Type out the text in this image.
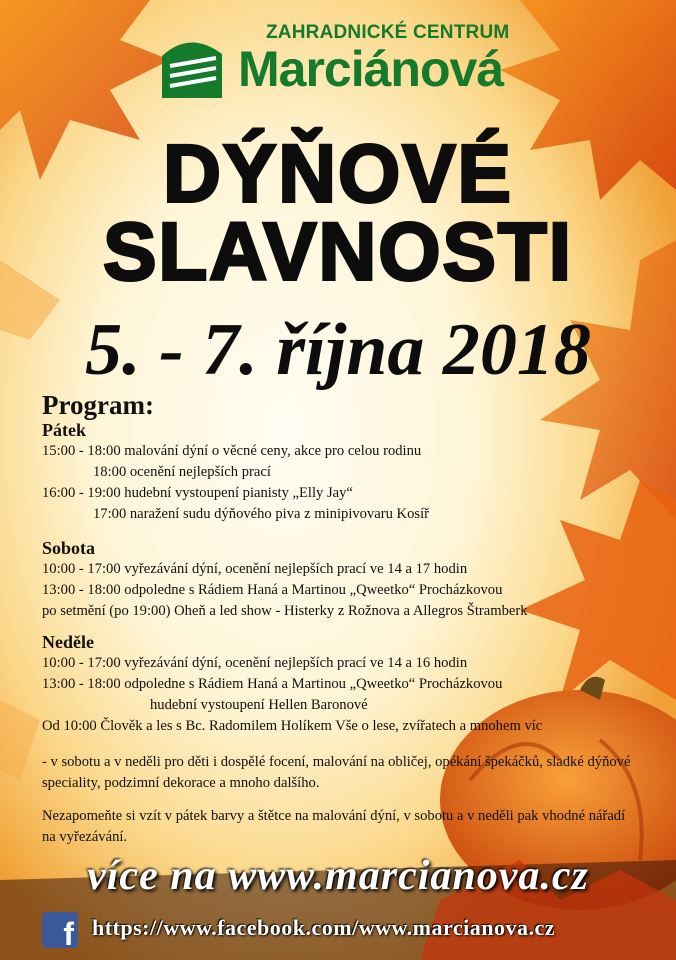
ZAHRADNICKÉ CENTRUM
Marciánová
DÝŇOVÉ
SLAVNOSTI
5. - 7. října 2018
Program:
Pátek
15:00 - 18:00 malování dýní o věcné ceny, akce pro celou rodinu
18:00 ocenění nejlepších prací
16:00 - 19:00 hudební vystoupení pianisty „Elly Jay“
17:00 naražení sudu dýňového piva z minipivovaru Kosíř
Sobota
10:00 - 17:00 vyřezávání dýní, ocenění nejlepších prací ve 14 a 17 hodin
13:00 - 18:00 odpoledne s Rádiem Haná a Martinou „Qweetko“ Procházkovou
po setmění (po 19:00) Oheň a led show - Histerky z Rožnova a Allegros Štramberk
Neděle
10:00 - 17:00 vyřezávání dýní, ocenění nejlepších prací ve 14 a 16 hodin
13:00 - 18:00 odpoledne s Rádiem Haná a Martinou „Qweetko“ Procházkovou
hudební vystoupení Hellen Baronové
Od 10:00 Člověk a les s Bc. Radomilem Holíkem Vše o lese, zvířatech a mnohem víc
- v sobotu a v neděli pro děti i dospělé focení, malování na obličej, opékání špekáčků, sladké dýňové speciality, podzimní dekorace a mnoho dalšího.
Nezapomeňte si vzít v pátek barvy a štětce na malování dýní, v sobotu a v neděli pak vhodné nářadí na vyřezávání.
více na www.marcianova.cz
f https://www.facebook.com/www.marcianova.cz
